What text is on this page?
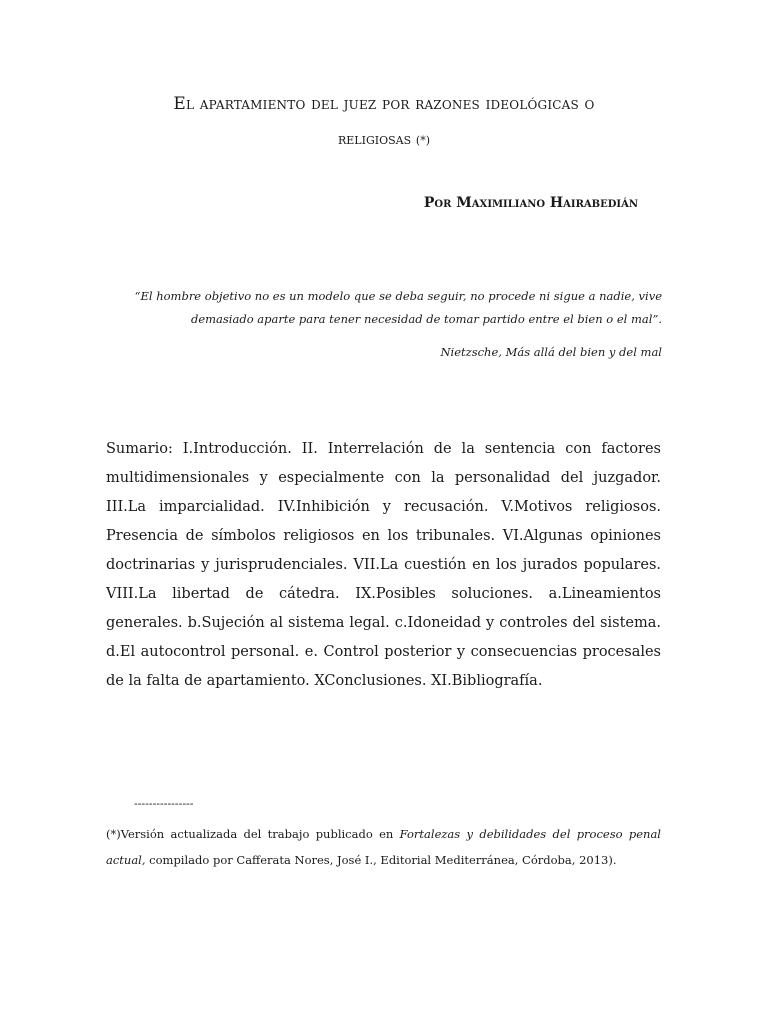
El apartamiento del juez por razones ideológicas o
religiosas (*)
Por Maximiliano Hairabedián
“El hombre objetivo no es un modelo que se deba seguir, no procede ni sigue a nadie, vive demasiado aparte para tener necesidad de tomar partido entre el bien o el mal”.
Nietzsche, Más allá del bien y del mal
Sumario: I.Introducción. II. Interrelación de la sentencia con factores multidimensionales y especialmente con la personalidad del juzgador. III.La imparcialidad. IV.Inhibición y recusación. V.Motivos religiosos. Presencia de símbolos religiosos en los tribunales. VI.Algunas opiniones doctrinarias y jurisprudenciales. VII.La cuestión en los jurados populares. VIII.La libertad de cátedra. IX.Posibles soluciones. a.Lineamientos generales. b.Sujeción al sistema legal. c.Idoneidad y controles del sistema. d.El autocontrol personal. e. Control posterior y consecuencias procesales de la falta de apartamiento. XConclusiones. XI.Bibliografía.
----------------
(*)Versión actualizada del trabajo publicado en Fortalezas y debilidades del proceso penal actual, compilado por Cafferata Nores, José I., Editorial Mediterránea, Córdoba, 2013).
